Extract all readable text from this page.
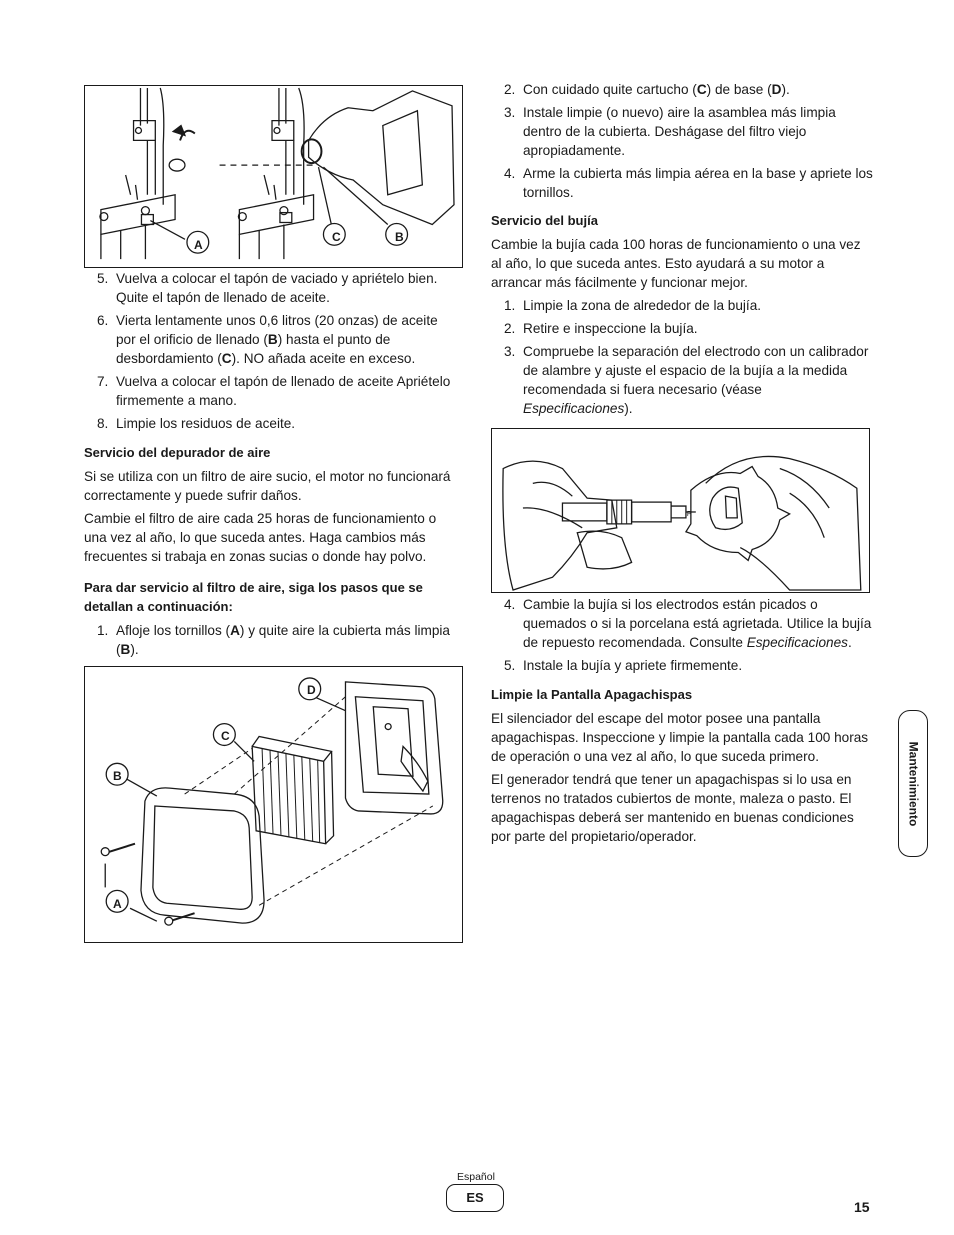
A
C	B
5. Vuelva a colocar el tapón de vaciado y apriételo bien. Quite el tapón de llenado de aceite.
6. Vierta lentamente unos 0,6 litros (20 onzas) de aceite por el orificio de llenado (B) hasta el punto de desbordamiento (C). NO añada aceite en exceso.
7. Vuelva a colocar el tapón de llenado de aceite Apriételo firmemente a mano.
8. Limpie los residuos de aceite.

Servicio del depurador de aire

Si se utiliza con un filtro de aire sucio, el motor no funcionará correctamente y puede sufrir daños.

Cambie el filtro de aire cada 25 horas de funcionamiento o una vez al año, lo que suceda antes. Haga cambios más frecuentes si trabaja en zonas sucias o donde hay polvo.

Para dar servicio al filtro de aire, siga los pasos que se detallan a continuación:

1. Afloje los tornillos (A) y quite aire la cubierta más limpia (B).
D
C
B
A
2. Con cuidado quite cartucho (C) de base (D).
3. Instale limpie (o nuevo) aire la asamblea más limpia dentro de la cubierta. Deshágase del filtro viejo apropiadamente.
4. Arme la cubierta más limpia aérea en la base y apriete los tornillos.

Servicio del bujía

Cambie la bujía cada 100 horas de funcionamiento o una vez al año, lo que suceda antes. Esto ayudará a su motor a arrancar más fácilmente y funcionar mejor.

1. Limpie la zona de alrededor de la bujía.
2. Retire e inspeccione la bujía.
3. Compruebe la separación del electrodo con un calibrador de alambre y ajuste el espacio de la bujía a la medida recomendada si fuera necesario (véase Especificaciones).
P
4. Cambie la bujía si los electrodos están picados o quemados o si la porcelana está agrietada. Utilice la bujía de repuesto recomendada. Consulte Especificaciones.
5. Instale la bujía y apriete firmemente.

Limpie la Pantalla Apagachispas

El silenciador del escape del motor posee una pantalla apagachispas. Inspeccione y limpie la pantalla cada 100 horas de operación o una vez al año, lo que suceda primero.

El generador tendrá que tener un apagachispas si lo usa en terrenos no tratados cubiertos de monte, maleza o pasto. El apagachispas deberá ser mantenido en buenas condiciones por parte del propietario/operador.

Mantenimiento
Español
ES
15
